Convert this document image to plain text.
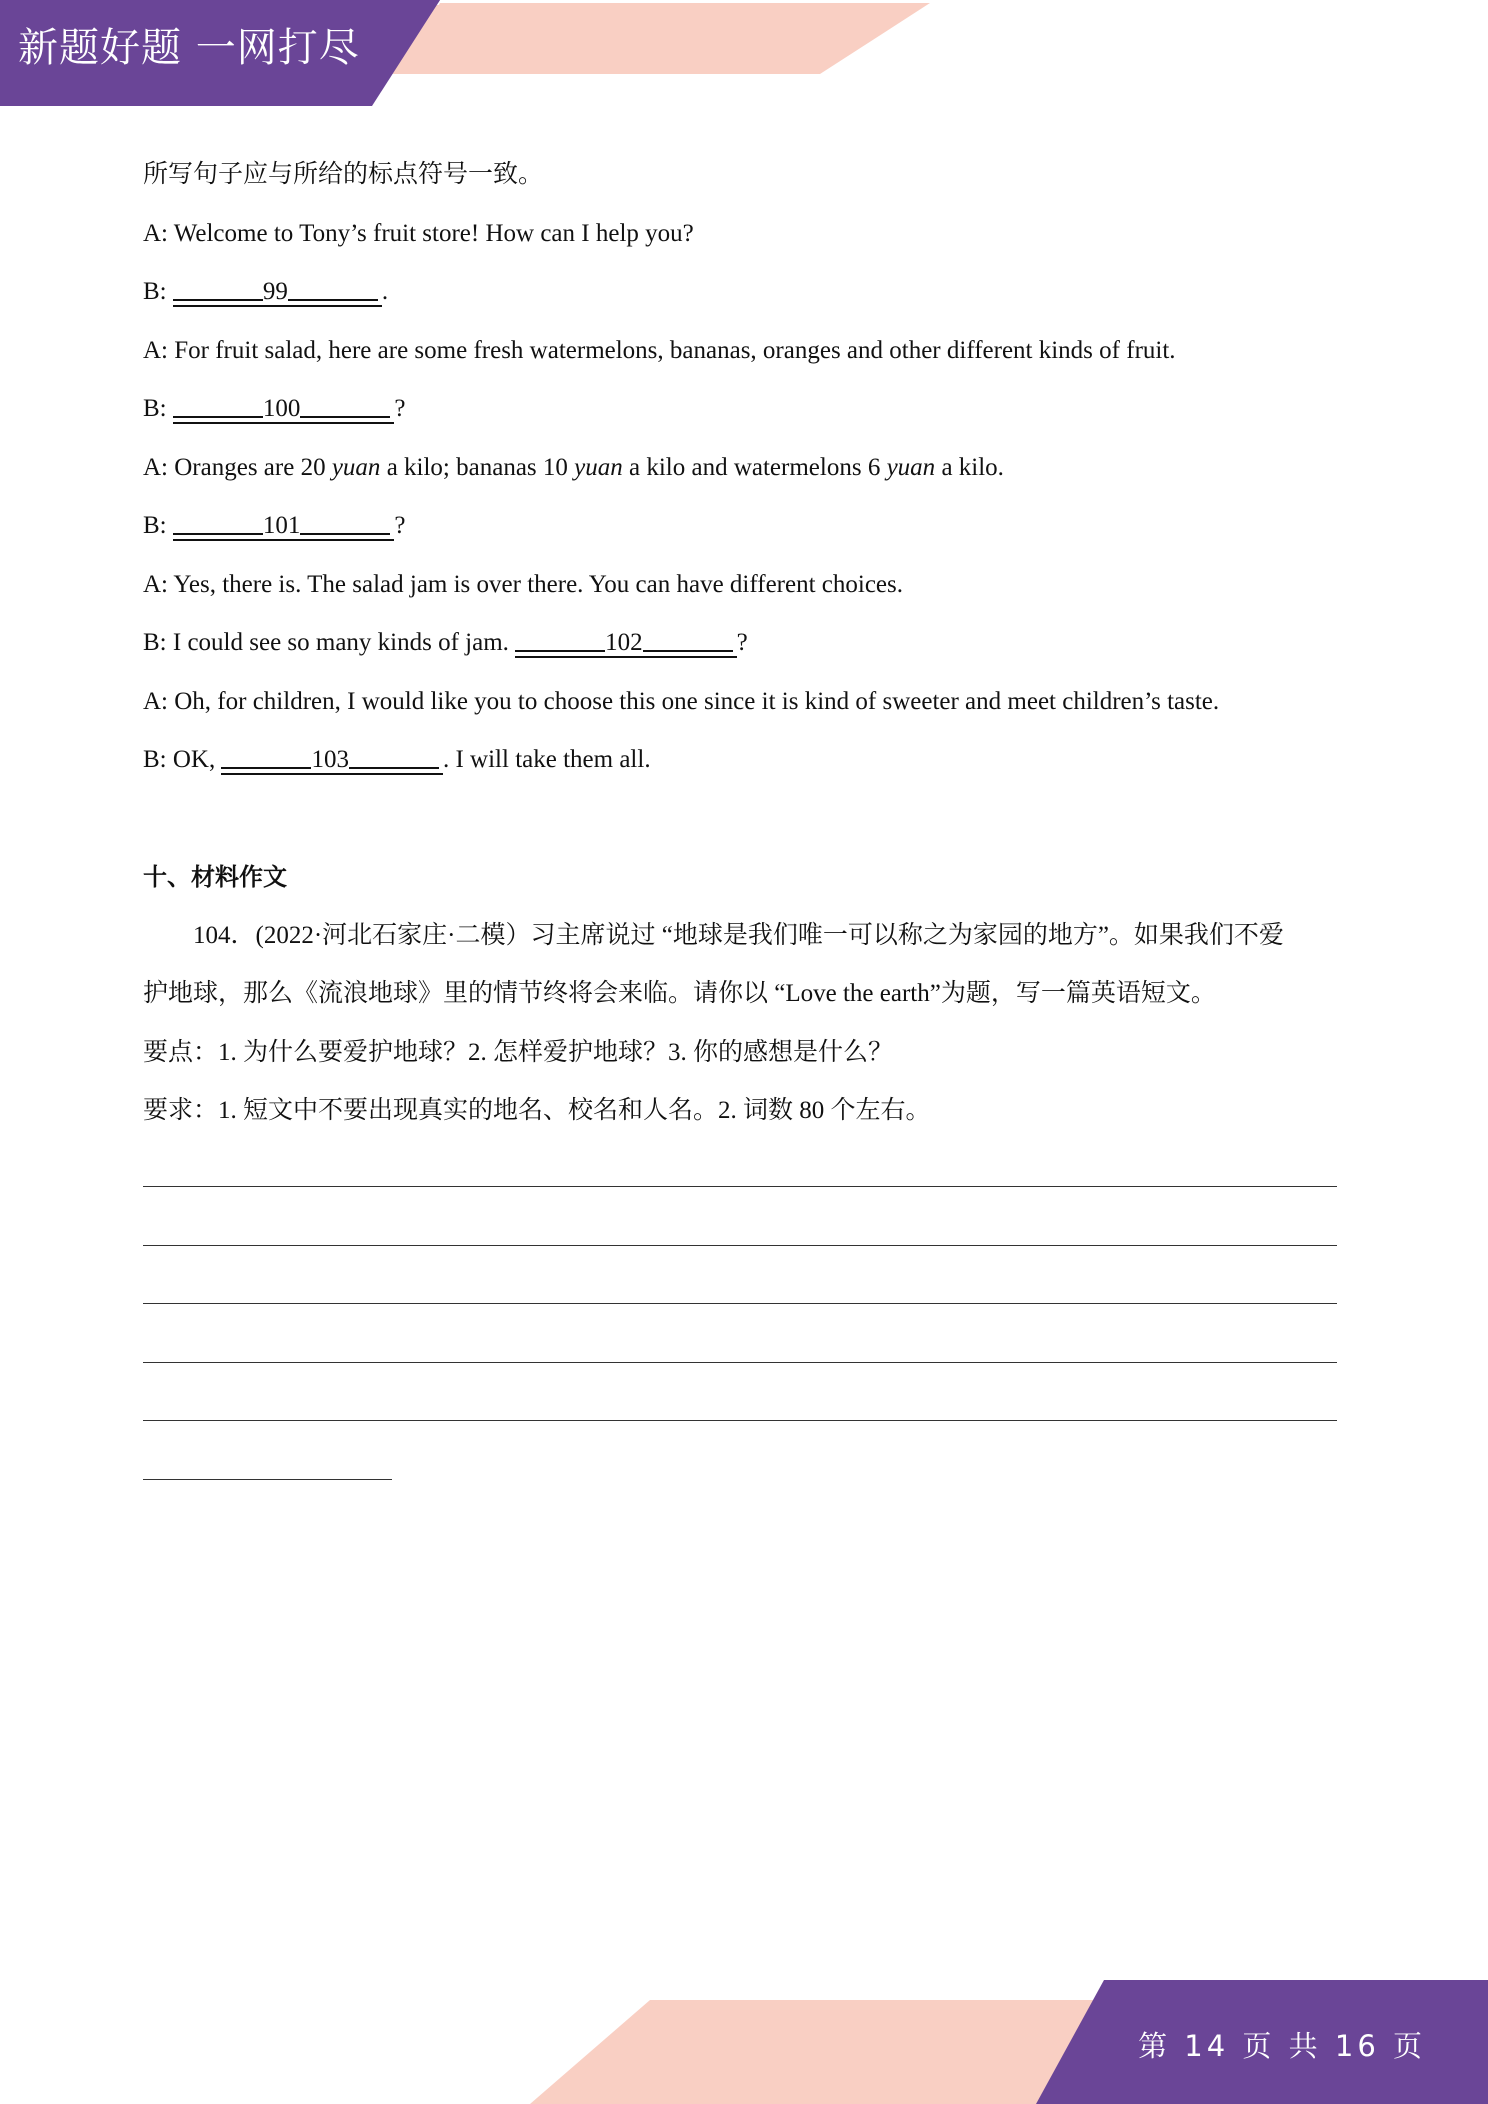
新题好题 一网打尽
所写句子应与所给的标点符号一致。
A: Welcome to Tony’s fruit store! How can I help you?
B:	99	.
A: For fruit salad, here are some fresh watermelons, bananas, oranges and other different kinds of fruit.
B:	100	?
A: Oranges are 20 yuan a kilo; bananas 10 yuan a kilo and watermelons 6 yuan a kilo.
B:	101	?
A: Yes, there is. The salad jam is over there. You can have different choices.
B: I could see so many kinds of jam.	102	?
A: Oh, for children, I would like you to choose this one since it is kind of sweeter and meet children’s taste.
B: OK,	103	. I will take them all.
十、材料作文
104．(2022·河北石家庄·二模）习主席说过 “地球是我们唯一可以称之为家园的地方”。如果我们不爱
护地球，那么《流浪地球》里的情节终将会来临。请你以 “Love the earth”为题，写一篇英语短文。
要点：1. 为什么要爱护地球？2. 怎样爱护地球？3. 你的感想是什么？
要求：1. 短文中不要出现真实的地名、校名和人名。2. 词数 80 个左右。
第 14 页 共 16 页
